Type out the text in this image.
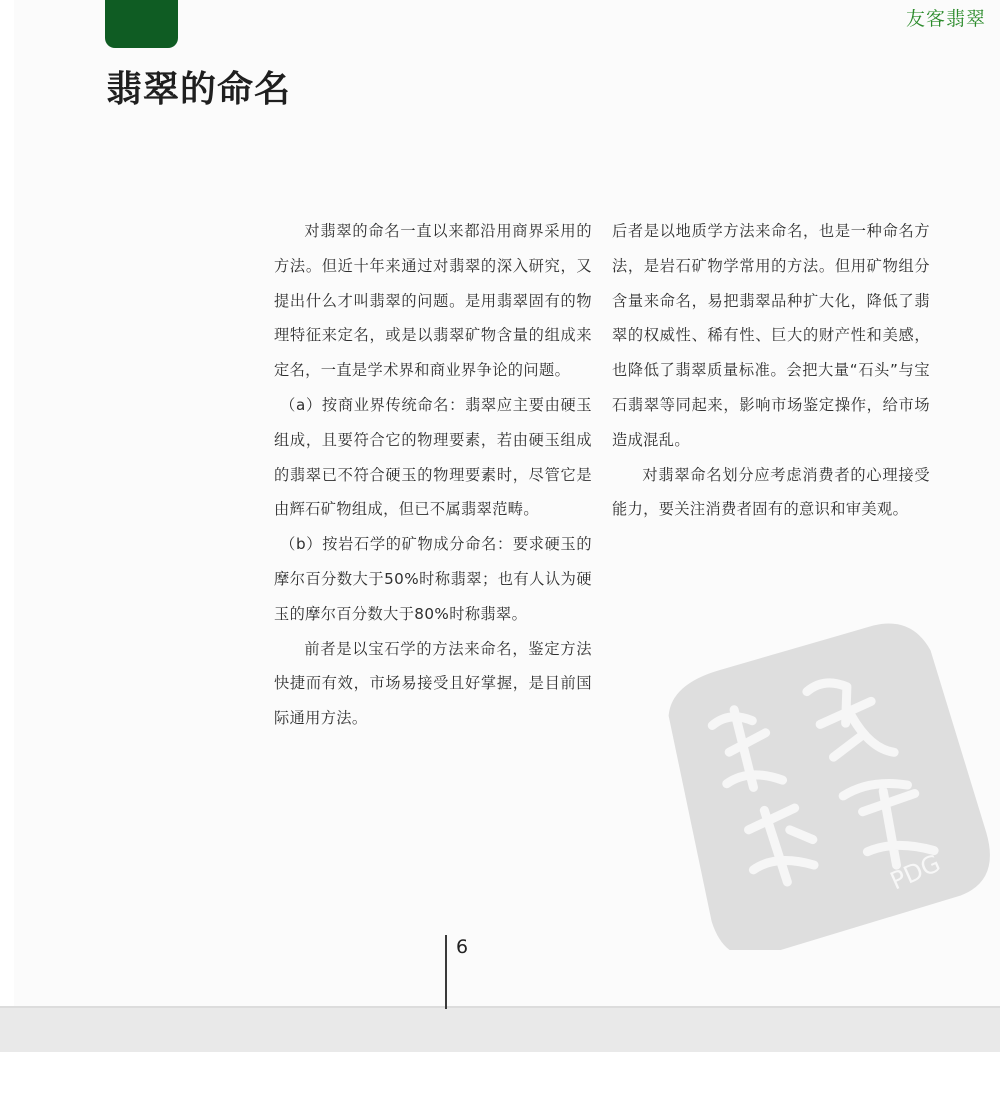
友客翡翠
翡翠的命名

对翡翠的命名一直以来都沿用商界采用的方法。但近十年来通过对翡翠的深入研究，又提出什么才叫翡翠的问题。是用翡翠固有的物理特征来定名，或是以翡翠矿物含量的组成来定名，一直是学术界和商业界争论的问题。

（a）按商业界传统命名：翡翠应主要由硬玉组成，且要符合它的物理要素，若由硬玉组成的翡翠已不符合硬玉的物理要素时，尽管它是由辉石矿物组成，但已不属翡翠范畴。

（b）按岩石学的矿物成分命名：要求硬玉的摩尔百分数大于50%时称翡翠；也有人认为硬玉的摩尔百分数大于80%时称翡翠。

前者是以宝石学的方法来命名，鉴定方法快捷而有效，市场易接受且好掌握，是目前国际通用方法。

后者是以地质学方法来命名，也是一种命名方法，是岩石矿物学常用的方法。但用矿物组分含量来命名，易把翡翠品种扩大化，降低了翡翠的权威性、稀有性、巨大的财产性和美感，也降低了翡翠质量标准。会把大量“石头”与宝石翡翠等同起来，影响市场鉴定操作，给市场造成混乱。

对翡翠命名划分应考虑消费者的心理接受能力，要关注消费者固有的意识和审美观。

6
PDG
